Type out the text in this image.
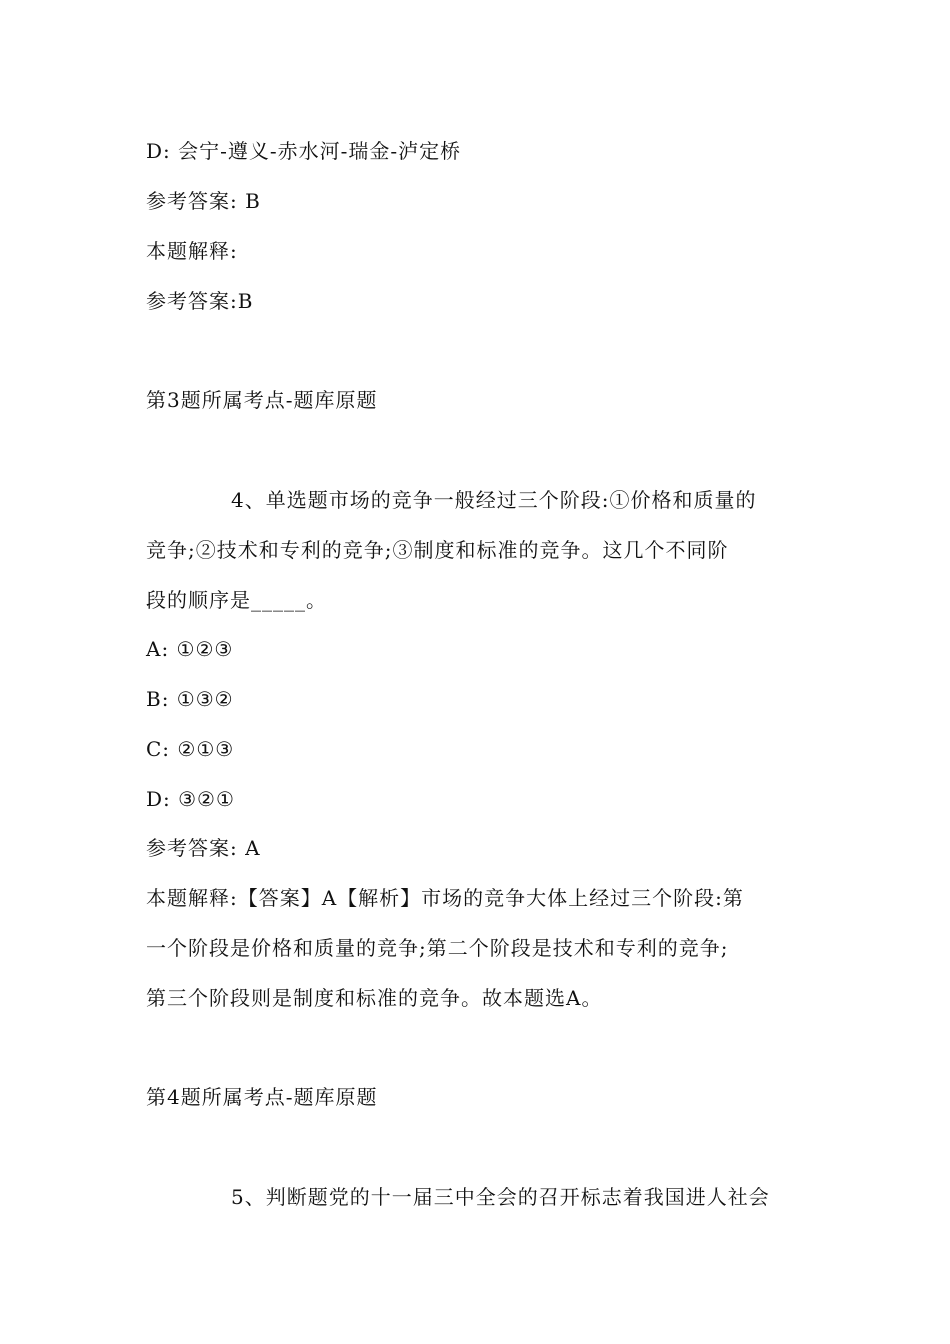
D: 会宁-遵义-赤水河-瑞金-泸定桥
参考答案: B
本题解释:
参考答案:B
第3题所属考点-题库原题
4、单选题市场的竞争一般经过三个阶段:①价格和质量的
竞争;②技术和专利的竞争;③制度和标准的竞争。这几个不同阶
段的顺序是_____。
A: ①②③
B: ①③②
C: ②①③
D: ③②①
参考答案: A
本题解释:【答案】A【解析】市场的竞争大体上经过三个阶段:第
一个阶段是价格和质量的竞争;第二个阶段是技术和专利的竞争;
第三个阶段则是制度和标准的竞争。故本题选A。
第4题所属考点-题库原题
5、判断题党的十一届三中全会的召开标志着我国进人社会
